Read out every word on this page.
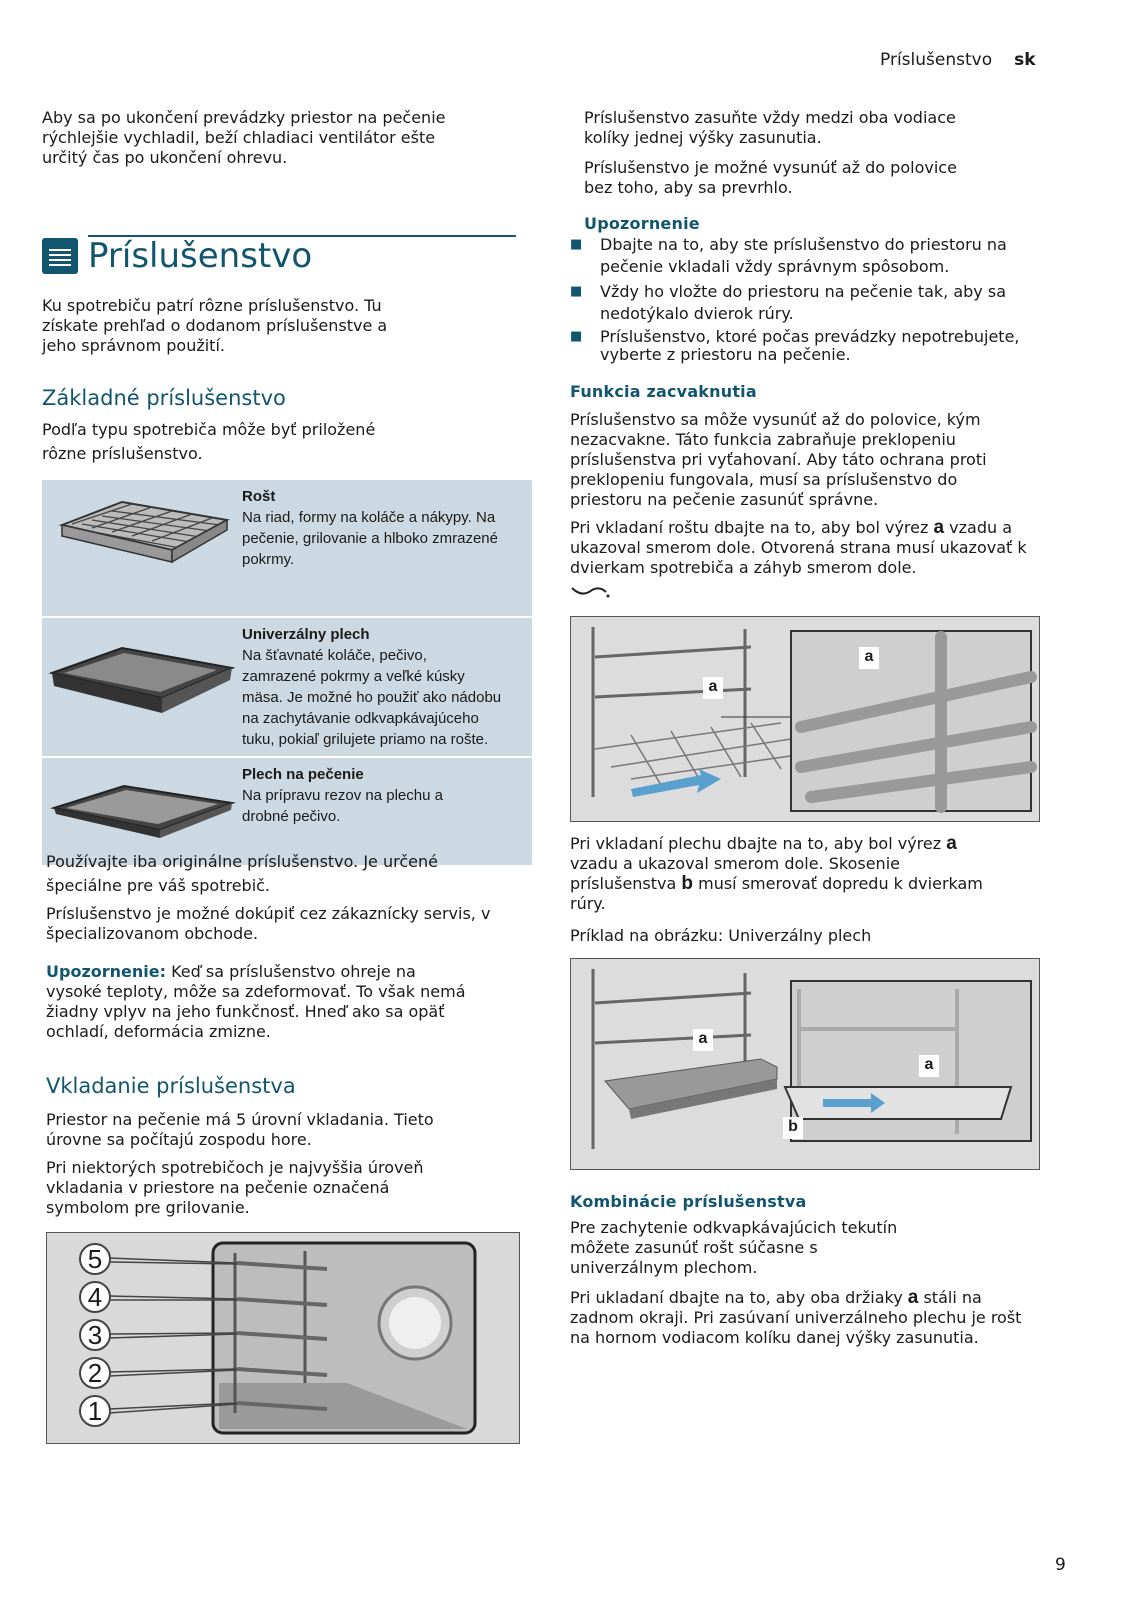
Príslušenstvo sk

Aby sa po ukončení prevádzky priestor na pečenie rýchlejšie vychladil, beží chladiaci ventilátor ešte určitý čas po ukončení ohrevu.

Príslušenstvo
Ku spotrebiču patrí rôzne príslušenstvo. Tu získate prehľad o dodanom príslušenstve a jeho správnom použití.
Základné príslušenstvo
Podľa typu spotrebiča môže byť priložené rôzne príslušenstvo.

Rošt
Na riad, formy na koláče a nákypy. Na pečenie, grilovanie a hlboko zmrazené pokrmy.

Univerzálny plech
Na šťavnaté koláče, pečivo, zamrazené pokrmy a veľké kúsky mäsa. Je možné ho použiť ako nádobu na zachytávanie odkvapkávajúceho tuku, pokiaľ grilujete priamo na rošte.

Plech na pečenie
Na prípravu rezov na plechu a drobné pečivo.
Používajte iba originálne príslušenstvo. Je určené špeciálne pre váš spotrebič.
Príslušenstvo je možné dokúpiť cez zákaznícky servis, v špecializovanom obchode.
Upozornenie: Keď sa príslušenstvo ohreje na vysoké teploty, môže sa zdeformovať. To však nemá žiadny vplyv na jeho funkčnosť. Hneď ako sa opäť ochladí, deformácia zmizne.
Vkladanie príslušenstva
Priestor na pečenie má 5 úrovní vkladania. Tieto úrovne sa počítajú zospodu hore.
Pri niektorých spotrebičoch je najvyššia úroveň vkladania v priestore na pečenie označená symbolom pre grilovanie.
5
4
3
2
1
Príslušenstvo zasuňte vždy medzi oba vodiace kolíky jednej výšky zasunutia.
Príslušenstvo je možné vysunúť až do polovice bez toho, aby sa prevrhlo.
Upozornenie
■ Dbajte na to, aby ste príslušenstvo do priestoru na pečenie vkladali vždy správnym spôsobom.
■ Vždy ho vložte do priestoru na pečenie tak, aby sa nedotýkalo dvierok rúry.
■ Príslušenstvo, ktoré počas prevádzky nepotrebujete, vyberte z priestoru na pečenie.
Funkcia zacvaknutia
Príslušenstvo sa môže vysunúť až do polovice, kým nezacvakne. Táto funkcia zabraňuje preklopeniu príslušenstva pri vyťahovaní. Aby táto ochrana proti preklopeniu fungovala, musí sa príslušenstvo do priestoru na pečenie zasunúť správne.
Pri vkladaní roštu dbajte na to, aby bol výrez a vzadu a ukazoval smerom dole. Otvorená strana musí ukazovať k dvierkam spotrebiča a záhyb smerom dole.
a
a
Pri vkladaní plechu dbajte na to, aby bol výrez a vzadu a ukazoval smerom dole. Skosenie príslušenstva b musí smerovať dopredu k dvierkam rúry.
Príklad na obrázku: Univerzálny plech
a
a
b
Kombinácie príslušenstva
Pre zachytenie odkvapkávajúcich tekutín môžete zasunúť rošt súčasne s univerzálnym plechom.
Pri ukladaní dbajte na to, aby oba držiaky a stáli na zadnom okraji. Pri zasúvaní univerzálneho plechu je rošt na hornom vodiacom kolíku danej výšky zasunutia.
9
